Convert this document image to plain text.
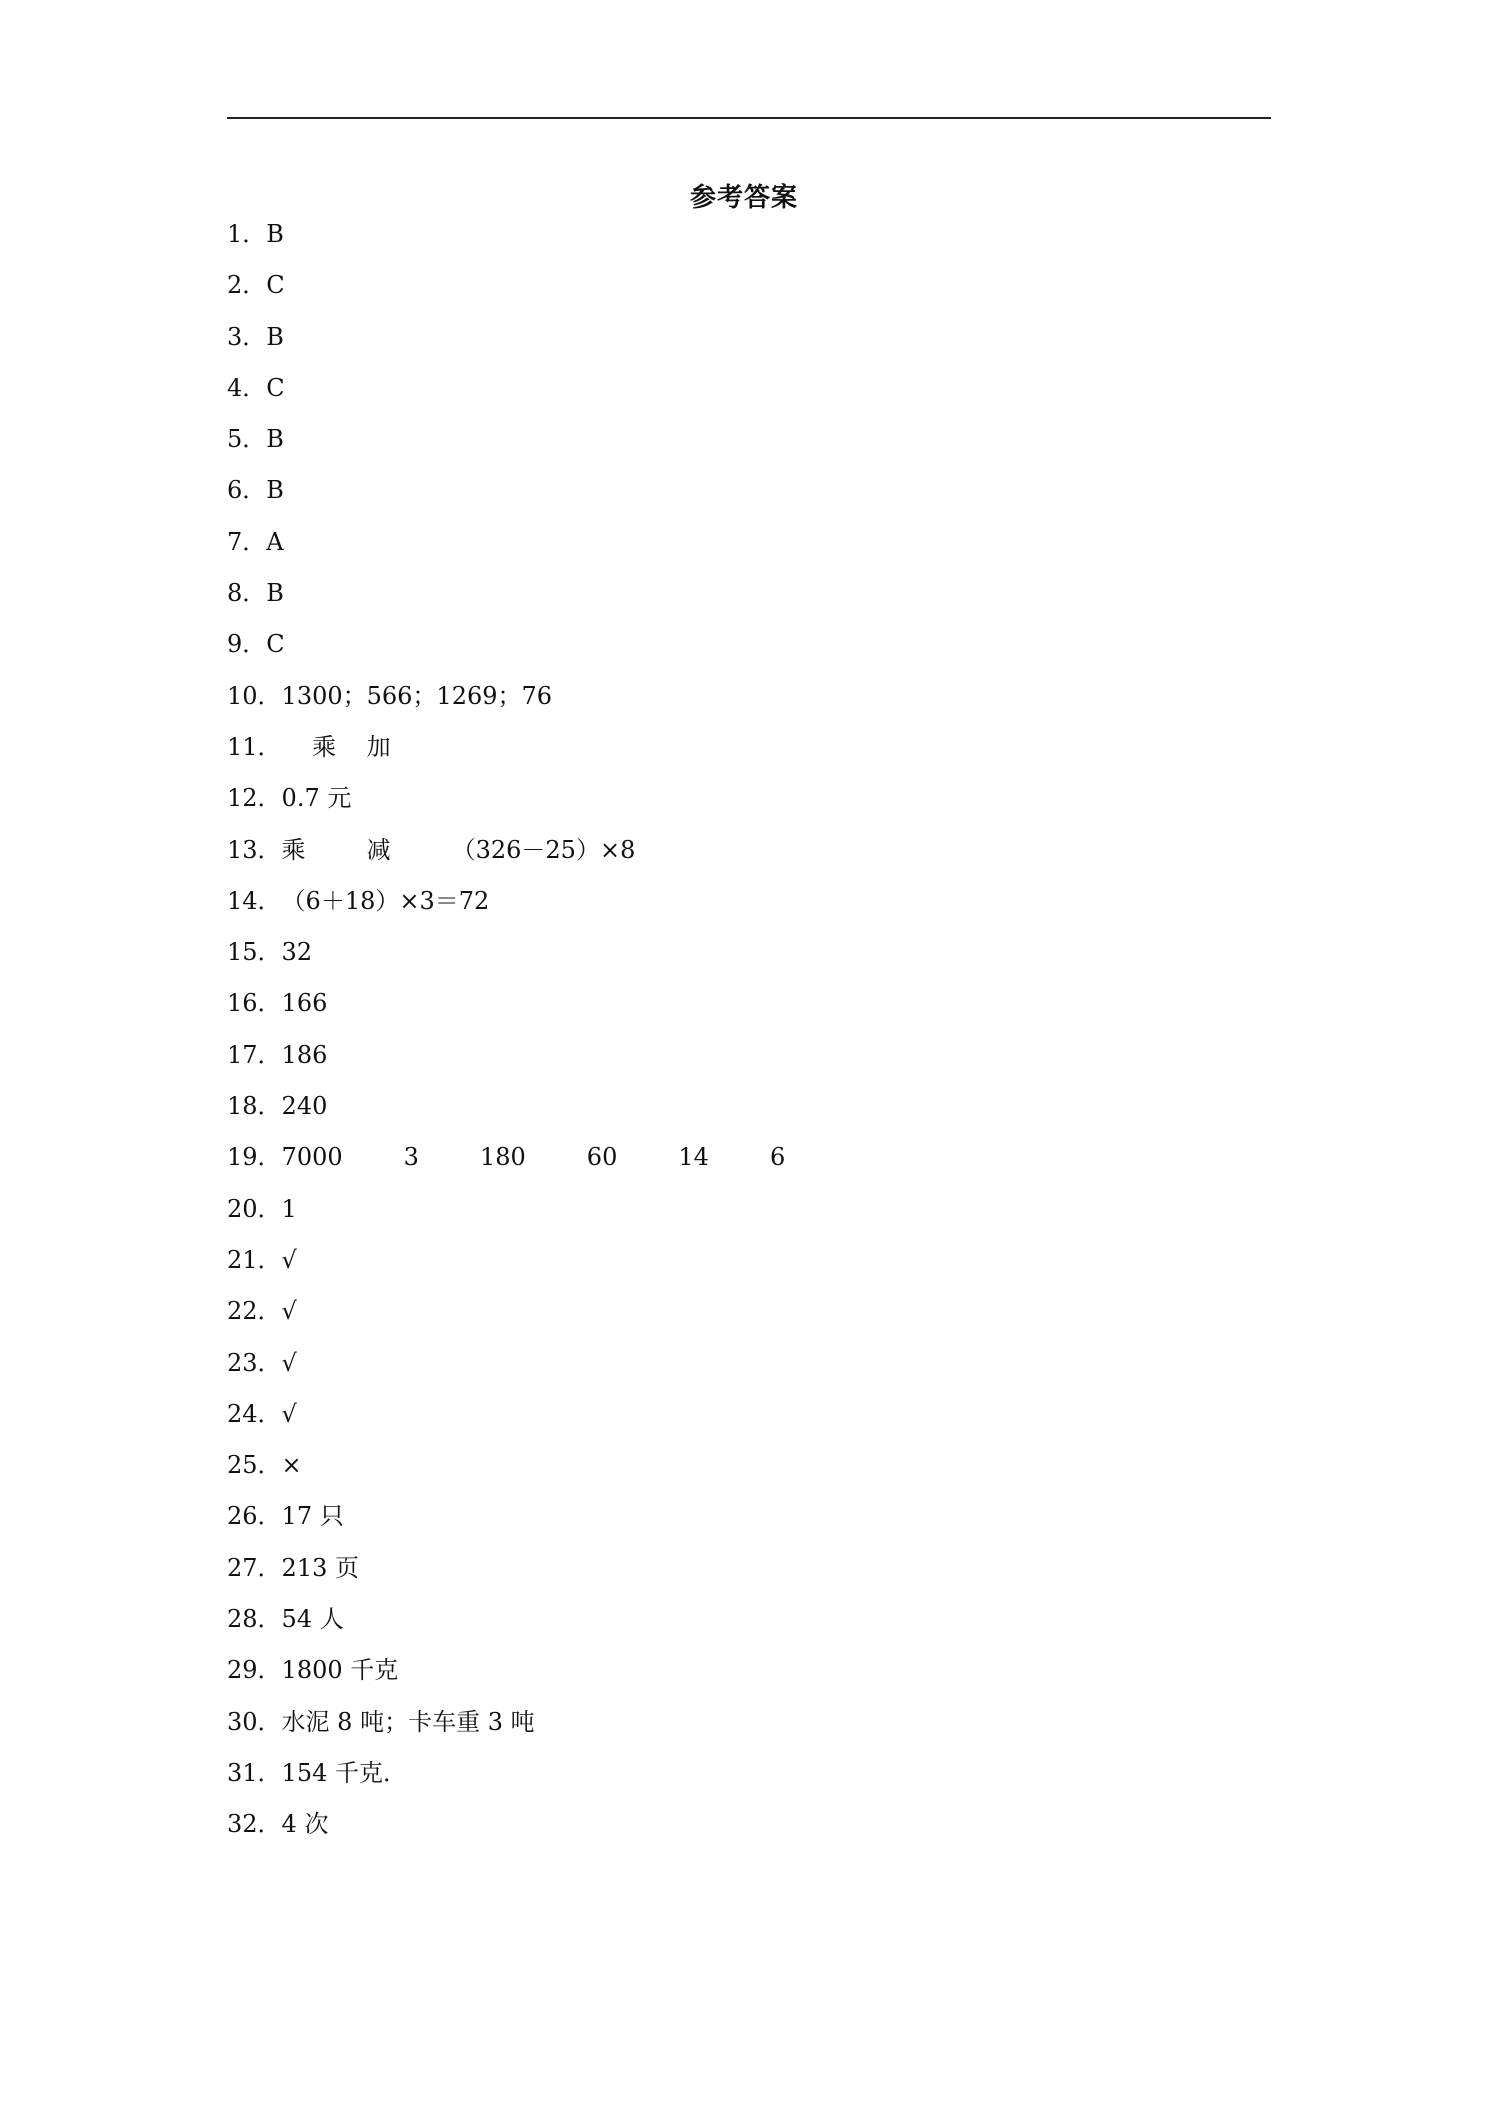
参考答案
1．B
2．C
3．B
4．C
5．B
6．B
7．A
8．B
9．C
10．1300；566；1269；76
11．    乘    加
12．0.7 元
13．乘        减        （326－25）×8
14．（6＋18）×3＝72
15．32
16．166
17．186
18．240
19．7000        3        180        60        14        6
20．1
21．√
22．√
23．√
24．√
25．×
26．17 只
27．213 页
28．54 人
29．1800 千克
30．水泥 8 吨；卡车重 3 吨
31．154 千克．
32．4 次
